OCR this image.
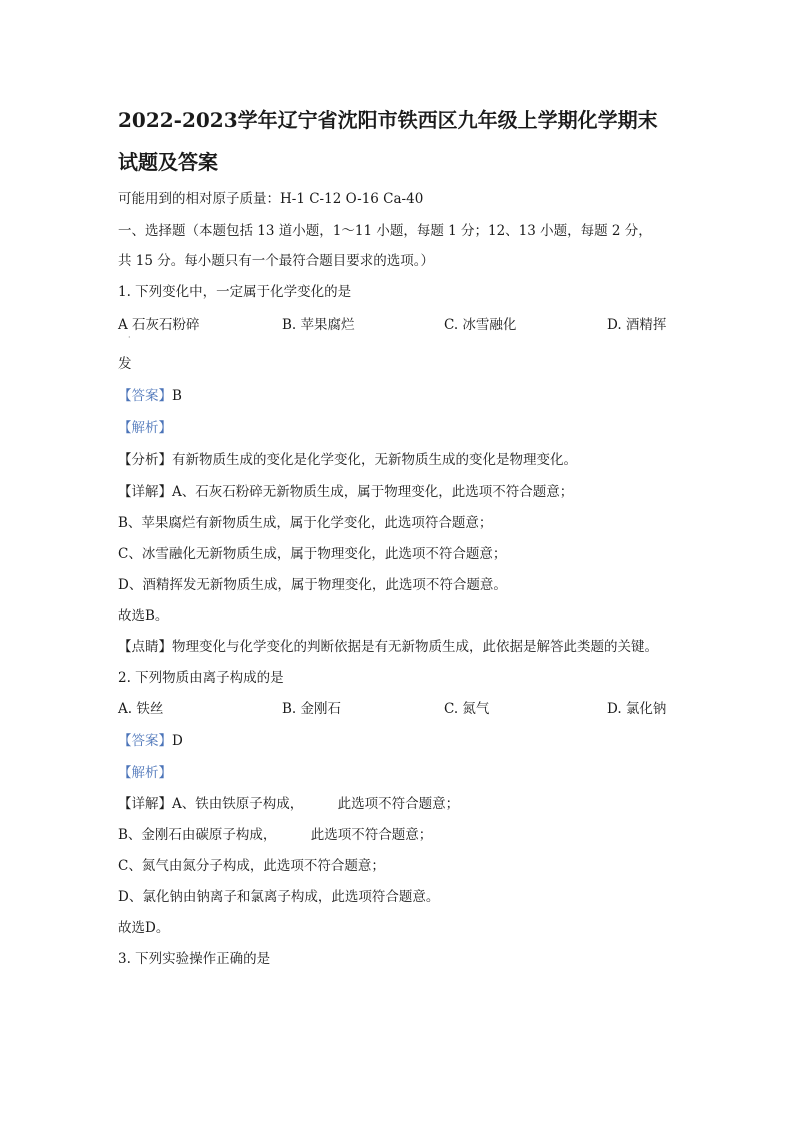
2022-2023学年辽宁省沈阳市铁西区九年级上学期化学期末
试题及答案
可能用到的相对原子质量：H-1 C-12 O-16 Ca-40
一、选择题（本题包括 13 道小题，1～11 小题，每题 1 分；12、13 小题，每题 2 分，
共 15 分。每小题只有一个最符合题目要求的选项。）
1. 下列变化中，一定属于化学变化的是
A 石灰石粉碎	B. 苹果腐烂	C. 冰雪融化	D. 酒精挥
·
发
【答案】B
【解析】
【分析】有新物质生成的变化是化学变化，无新物质生成的变化是物理变化。
【详解】A、石灰石粉碎无新物质生成，属于物理变化，此选项不符合题意；
B、苹果腐烂有新物质生成，属于化学变化，此选项符合题意；
C、冰雪融化无新物质生成，属于物理变化，此选项不符合题意；
D、酒精挥发无新物质生成，属于物理变化，此选项不符合题意。
故选B。
【点睛】物理变化与化学变化的判断依据是有无新物质生成，此依据是解答此类题的关键。
2. 下列物质由离子构成的是
A. 铁丝	B. 金刚石	C. 氮气	D. 氯化钠
【答案】D
【解析】
【详解】A、铁由铁原子构成，        此选项不符合题意；
B、金刚石由碳原子构成，        此选项不符合题意；
C、氮气由氮分子构成，此选项不符合题意；
D、氯化钠由钠离子和氯离子构成，此选项符合题意。
故选D。
3. 下列实验操作正确的是
